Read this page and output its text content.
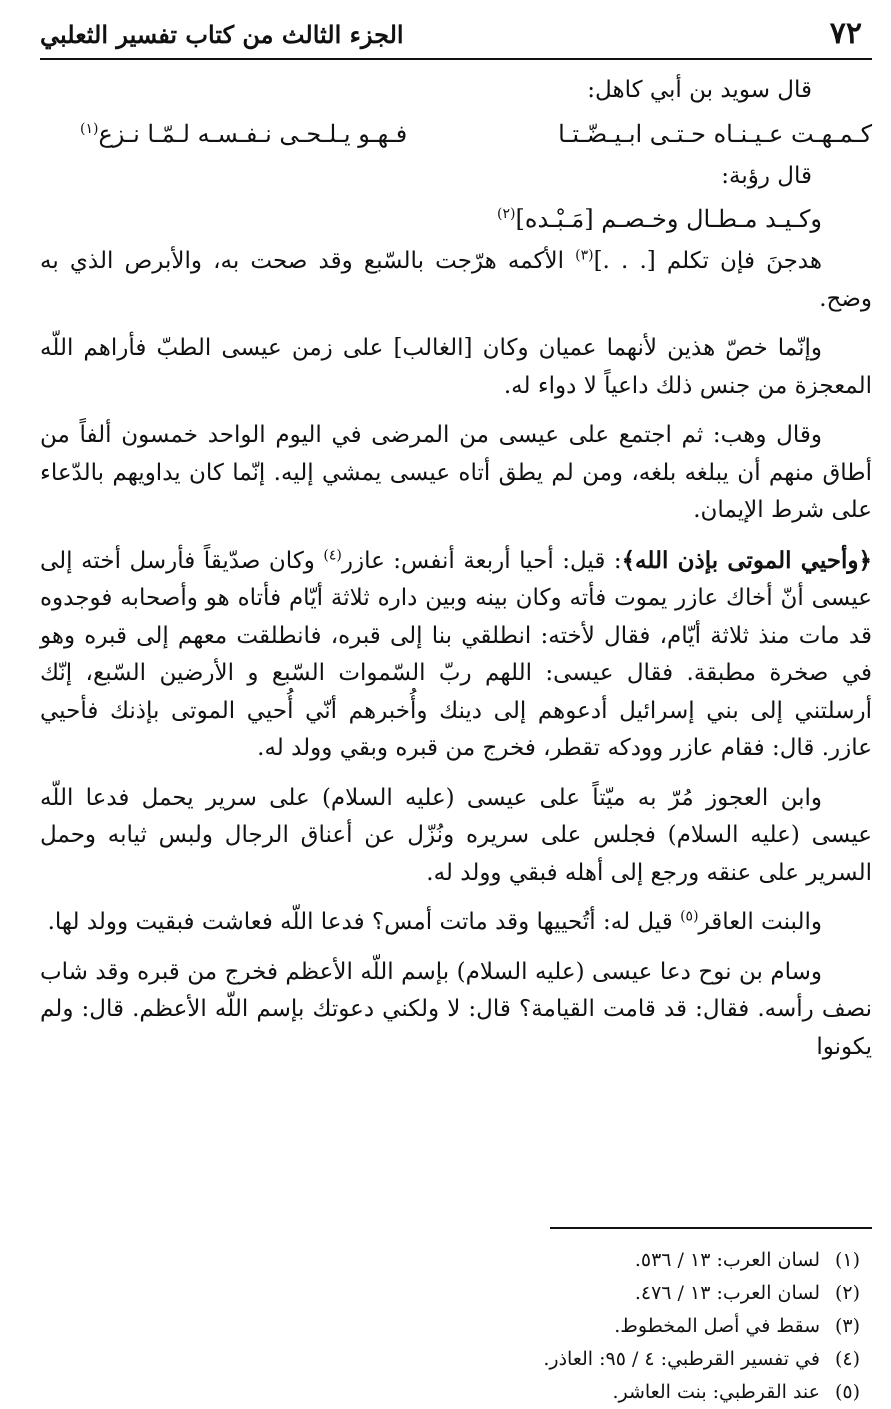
٧٢
الجزء الثالث من كتاب تفسير الثعلبي

قال سويد بن أبي كاهل:

كـمـهـت عـيـنـاه حـتـى ابـيـضّـتـا
فـهـو يـلـحـى نـفـسـه لـمّـا نـزع$^{(١)}$

قال رؤبة:

وكـيـد مـطـال وخـصـم [مَـبْـده]$^{(٢)}$

هدجنَ فإن تكلم [. . .]$^{(٣)}$ الأكمه هرّجت بالسّبع وقد صحت به، والأبرص الذي به وضح.

وإنّما خصّ هذين لأنهما عميان وكان [الغالب] على زمن عيسى الطبّ فأراهم اللّه المعجزة من جنس ذلك داعياً لا دواء له.

وقال وهب: ثم اجتمع على عيسى من المرضى في اليوم الواحد خمسون ألفاً من أطاق منهم أن يبلغه بلغه، ومن لم يطق أتاه عيسى يمشي إليه. إنّما كان يداويهم بالدّعاء على شرط الإيمان.

﴿وأحيي الموتى بإذن الله﴾: قيل: أحيا أربعة أنفس: عازر$^{(٤)}$ وكان صدّيقاً فأرسل أخته إلى عيسى أنّ أخاك عازر يموت فأته وكان بينه وبين داره ثلاثة أيّام فأتاه هو وأصحابه فوجدوه قد مات منذ ثلاثة أيّام، فقال لأخته: انطلقي بنا إلى قبره، فانطلقت معهم إلى قبره وهو في صخرة مطبقة. فقال عيسى: اللهم ربّ السّموات السّبع و الأرضين السّبع، إنّك أرسلتني إلى بني إسرائيل أدعوهم إلى دينك وأُخبرهم أنّي أُحيي الموتى بإذنك فأحيي عازر. قال: فقام عازر وودكه تقطر، فخرج من قبره وبقي وولد له.

وابن العجوز مُرّ به ميّتاً على عيسى (عليه السلام) على سرير يحمل فدعا اللّه عيسى (عليه السلام) فجلس على سريره ونُزّل عن أعناق الرجال ولبس ثيابه وحمل السرير على عنقه ورجع إلى أهله فبقي وولد له.

والبنت العاقر$^{(٥)}$ قيل له: أتُحييها وقد ماتت أمس؟ فدعا اللّه فعاشت فبقيت وولد لها.

وسام بن نوح دعا عيسى (عليه السلام) بإسم اللّه الأعظم فخرج من قبره وقد شاب نصف رأسه. فقال: قد قامت القيامة؟ قال: لا ولكني دعوتك بإسم اللّه الأعظم. قال: ولم يكونوا

(١)لسان العرب: ١٣ / ٥٣٦.

(٢)لسان العرب: ١٣ / ٤٧٦.

(٣)سقط في أصل المخطوط.

(٤)في تفسير القرطبي: ٤ / ٩٥: العاذر.

(٥)عند القرطبي: بنت العاشر.
